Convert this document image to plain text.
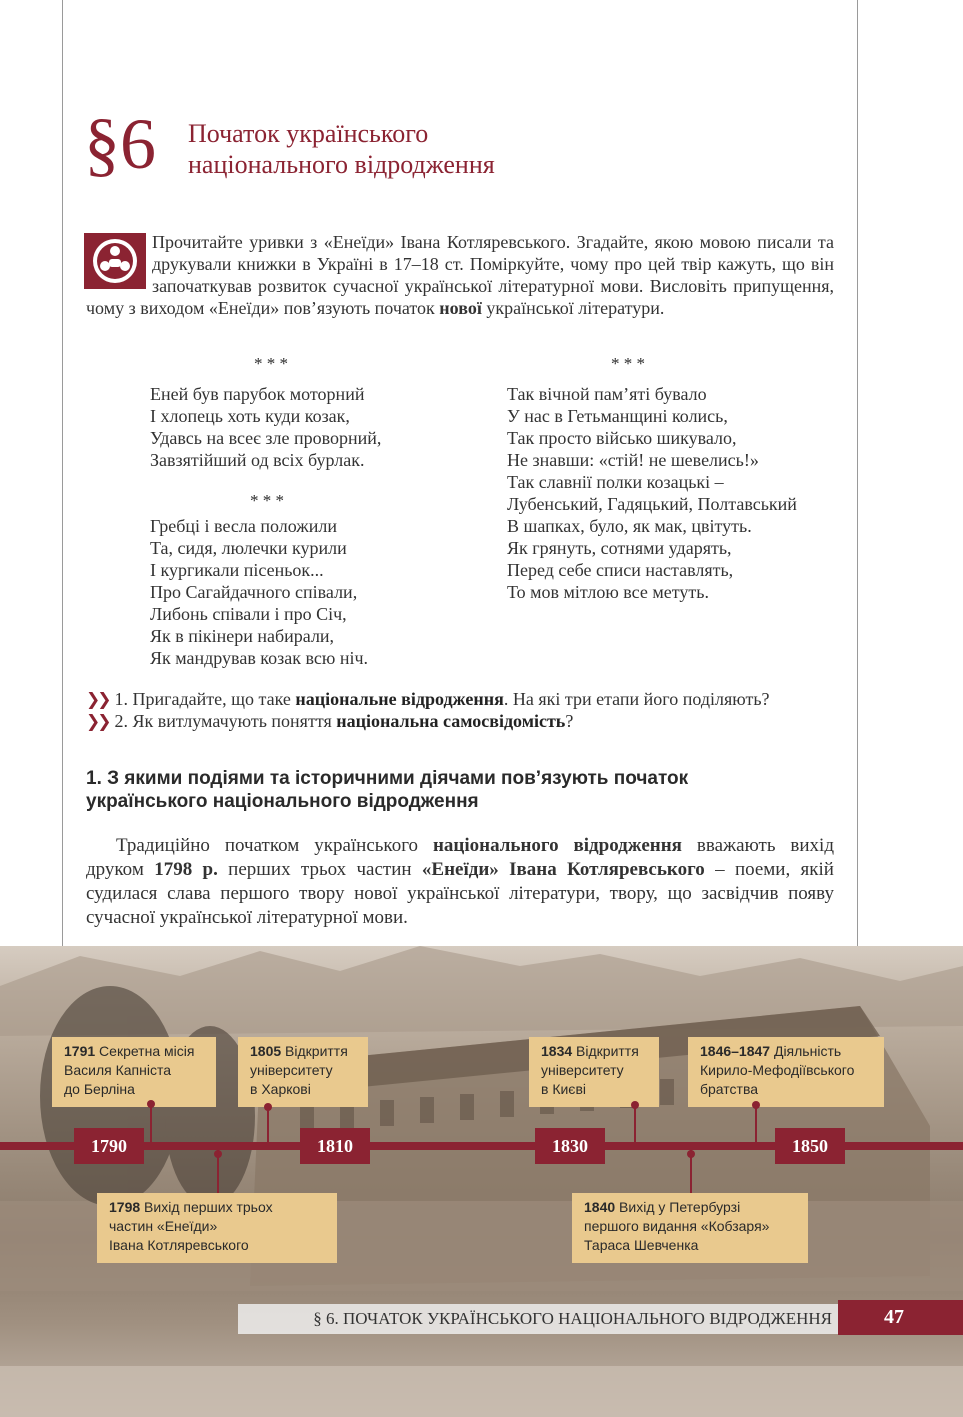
§6 Початок українського
національного відродження
Прочитайте уривки з «Енеїди» Івана Котляревського. Згадайте, якою мовою писали та друкували книжки в Україні в 17–18 ст. Поміркуйте, чому про цей твір кажуть, що він започаткував розвиток сучасної української літературної мови. Висловіть припущення, чому з виходом «Енеїди» пов’язують початок нової української літератури.
* * *	* * *
* * *
Еней був парубок моторний
І хлопець хоть куди козак,
Удавсь на всеє зле проворний,
Завзятійший од всіх бурлак.
Гребці і весла положили
Та, сидя, люлечки курили
І кургикали пісеньок...
Про Сагайдачного співали,
Либонь співали і про Січ,
Як в пікінери набирали,
Як мандрував козак всю ніч.
Так вічной пам’яті бувало
У нас в Гетьманщині колись,
Так просто військо шикувало,
Не знавши: «стій! не шевелись!»
Так славнії полки козацькі –
Лубенський, Гадяцький, Полтавський
В шапках, було, як мак, цвітуть.
Як грянуть, сотнями ударять,
Перед себе списи наставлять,
То мов мітлою все метуть.
❯❯ 1. Пригадайте, що таке національне відродження. На які три етапи його поділяють?
❯❯ 2. Як витлумачують поняття національна самосвідомість?
1. З якими подіями та історичними діячами пов’язують початок
українського національного відродження
Традиційно початком українського національного відродження вважають вихід друком 1798 р. перших трьох частин «Енеїди» Івана Котляревського – поеми, якій судилася слава першого твору нової української літератури, твору, що засвідчив появу сучасної української літературної мови.
1790	1810	1830	1850
1791 Секретна місія
Василя Капніста
до Берліна
1805 Відкриття
університету
в Харкові
1834 Відкриття
університету
в Києві
1846–1847 Діяльність
Кирило-Мефодіївського
братства
1798 Вихід перших трьох
частин «Енеїди»
Івана Котляревського
1840 Вихід у Петербурзі
першого видання «Кобзаря»
Тараса Шевченка
§ 6. ПОЧАТОК УКРАЇНСЬКОГО НАЦІОНАЛЬНОГО ВІДРОДЖЕННЯ	47
